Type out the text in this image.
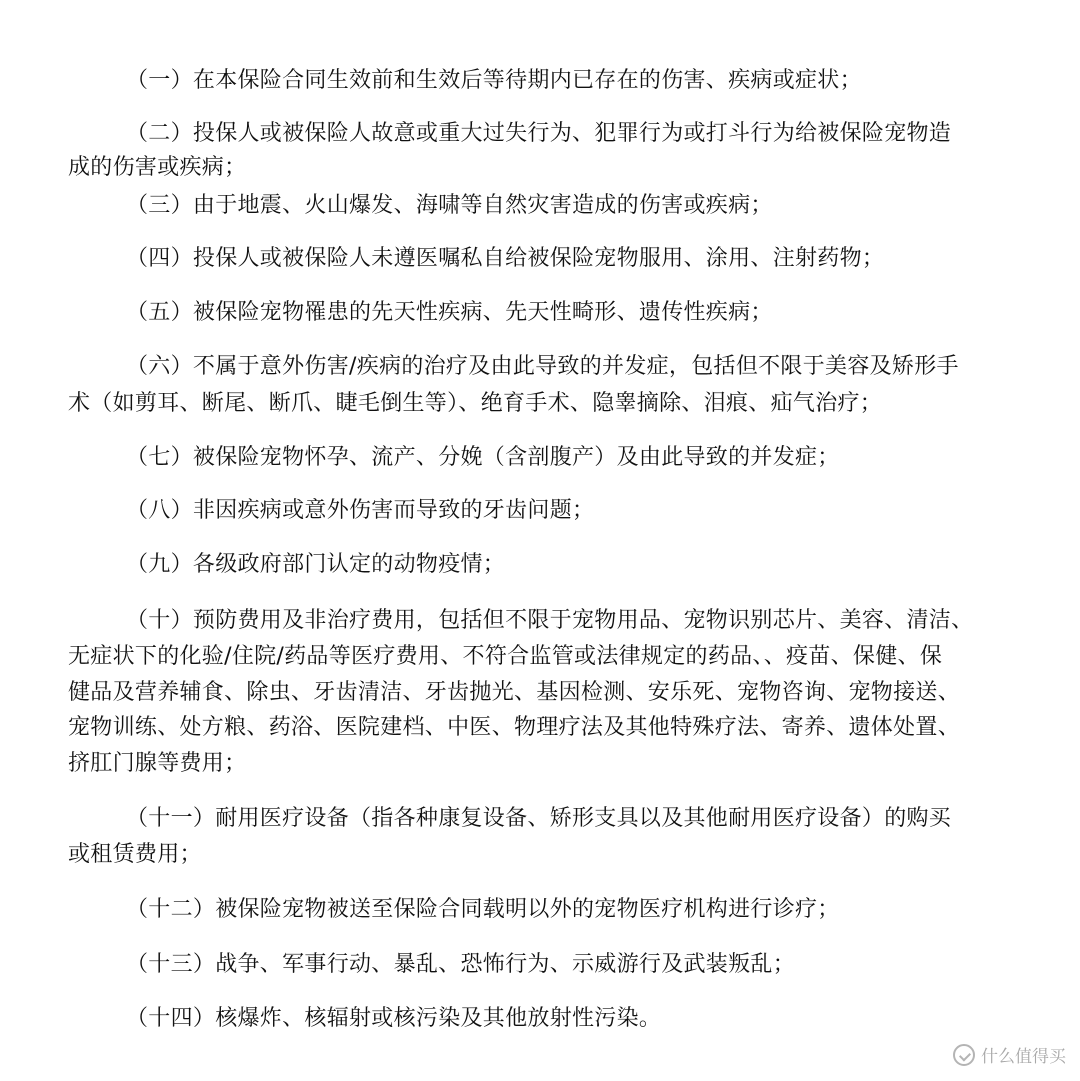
（一）在本保险合同生效前和生效后等待期内已存在的伤害、疾病或症状；
（二）投保人或被保险人故意或重大过失行为、犯罪行为或打斗行为给被保险宠物造
成的伤害或疾病；
（三）由于地震、火山爆发、海啸等自然灾害造成的伤害或疾病；
（四）投保人或被保险人未遵医嘱私自给被保险宠物服用、涂用、注射药物；
（五）被保险宠物罹患的先天性疾病、先天性畸形、遗传性疾病；
（六）不属于意外伤害/疾病的治疗及由此导致的并发症，包括但不限于美容及矫形手
术（如剪耳、断尾、断爪、睫毛倒生等）、绝育手术、隐睾摘除、泪痕、疝气治疗；
（七）被保险宠物怀孕、流产、分娩（含剖腹产）及由此导致的并发症；
（八）非因疾病或意外伤害而导致的牙齿问题；
（九）各级政府部门认定的动物疫情；
（十）预防费用及非治疗费用，包括但不限于宠物用品、宠物识别芯片、美容、清洁、
无症状下的化验/住院/药品等医疗费用、不符合监管或法律规定的药品、、疫苗、保健、保
健品及营养辅食、除虫、牙齿清洁、牙齿抛光、基因检测、安乐死、宠物咨询、宠物接送、
宠物训练、处方粮、药浴、医院建档、中医、物理疗法及其他特殊疗法、寄养、遗体处置、
挤肛门腺等费用；
（十一）耐用医疗设备（指各种康复设备、矫形支具以及其他耐用医疗设备）的购买
或租赁费用；
（十二）被保险宠物被送至保险合同载明以外的宠物医疗机构进行诊疗；
（十三）战争、军事行动、暴乱、恐怖行为、示威游行及武装叛乱；
（十四）核爆炸、核辐射或核污染及其他放射性污染。
什么值得买
